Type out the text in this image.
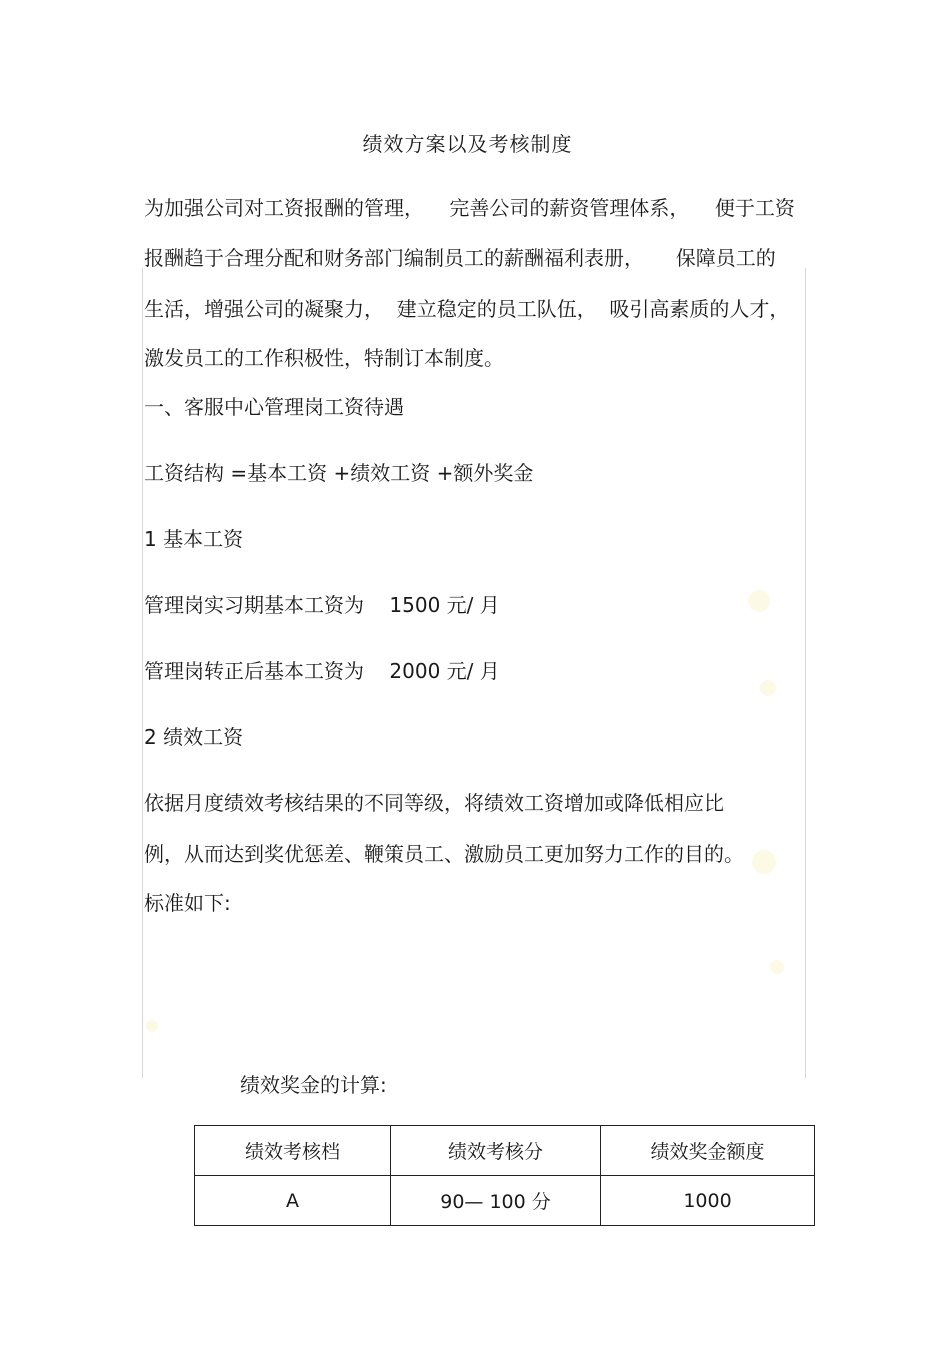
绩效方案以及考核制度
为加强公司对工资报酬的管理，    完善公司的薪资管理体系，    便于工资
报酬趋于合理分配和财务部门编制员工的薪酬福利表册，     保障员工的
生活，增强公司的凝聚力，  建立稳定的员工队伍，  吸引高素质的人才，
激发员工的工作积极性，特制订本制度。
一、客服中心管理岗工资待遇
工资结构 =基本工资 +绩效工资 +额外奖金
1 基本工资
管理岗实习期基本工资为    1500 元/ 月
管理岗转正后基本工资为    2000 元/ 月
2 绩效工资
依据月度绩效考核结果的不同等级，将绩效工资增加或降低相应比
例，从而达到奖优惩差、鞭策员工、激励员工更加努力工作的目的。
标准如下:
绩效奖金的计算:
绩效考核档	绩效考核分	绩效奖金额度
A	90— 100 分	1000
